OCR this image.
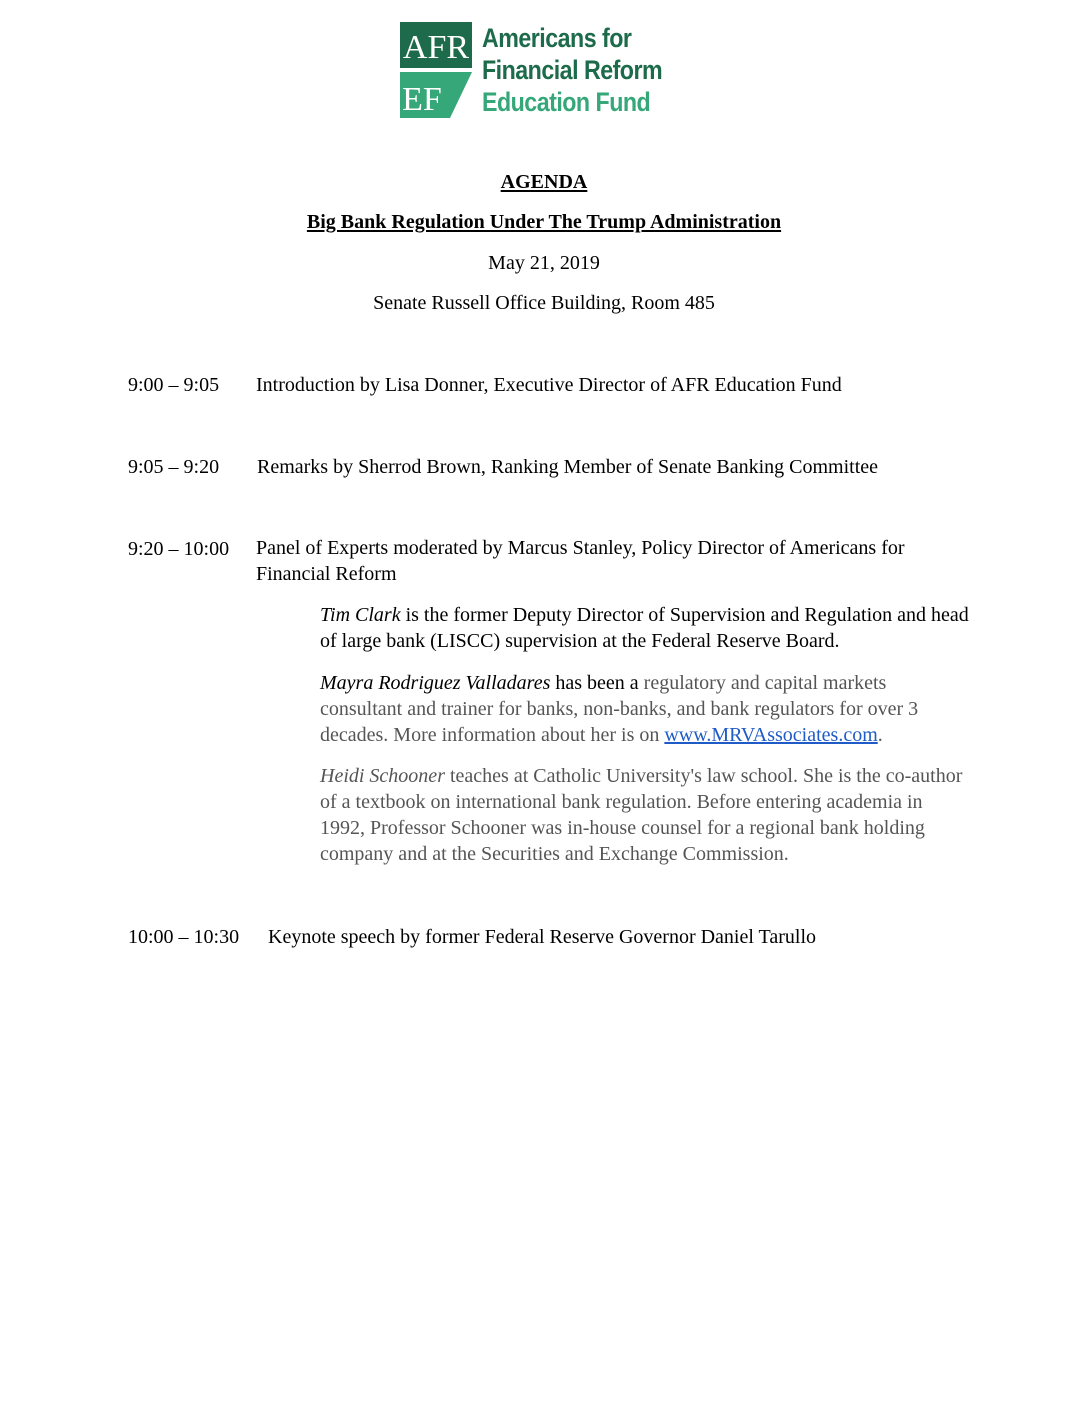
AFR
EF
Americans for
Financial Reform
Education Fund
AGENDA
Big Bank Regulation Under The Trump Administration
May 21, 2019
Senate Russell Office Building, Room 485
9:00 – 9:05 Introduction by Lisa Donner, Executive Director of AFR Education Fund
9:05 – 9:20 Remarks by Sherrod Brown, Ranking Member of Senate Banking Committee
9:20 – 10:00 Panel of Experts moderated by Marcus Stanley, Policy Director of Americans for Financial Reform
Tim Clark is the former Deputy Director of Supervision and Regulation and head of large bank (LISCC) supervision at the Federal Reserve Board.
Mayra Rodriguez Valladares has been a regulatory and capital markets consultant and trainer for banks, non-banks, and bank regulators for over 3 decades. More information about her is on www.MRVAssociates.com.
Heidi Schooner teaches at Catholic University's law school. She is the co-author of a textbook on international bank regulation. Before entering academia in 1992, Professor Schooner was in-house counsel for a regional bank holding company and at the Securities and Exchange Commission.
10:00 – 10:30 Keynote speech by former Federal Reserve Governor Daniel Tarullo
